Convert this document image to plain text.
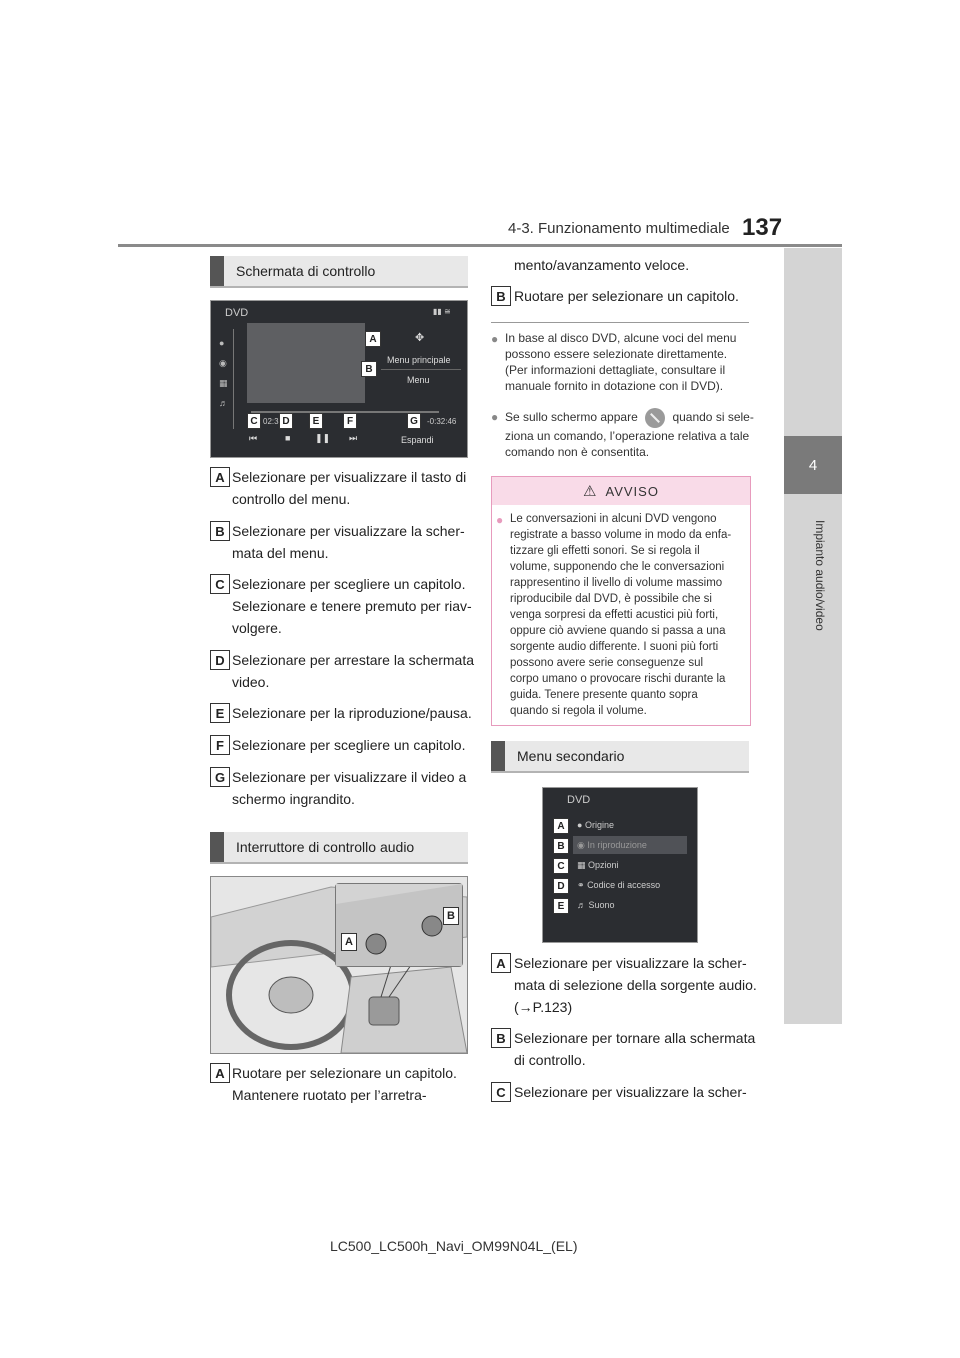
4-3. Funzionamento multimediale 137
4
Impianto audio/video
Schermata di controllo
DVD	▮▮ ≅
●
◉
▦
♬
✥
Menu principale
Menu
02:3	-0:32:46
⏮	■	❚❚ ⏭	Espandi
A
B
C	D	E	F	G
A Selezionare per visualizzare il tasto di
controllo del menu.
B Selezionare per visualizzare la scher-
mata del menu.
C Selezionare per scegliere un capitolo.
Selezionare e tenere premuto per riav-
volgere.
D Selezionare per arrestare la schermata
video.
E Selezionare per la riproduzione/pausa.
F Selezionare per scegliere un capitolo.
G Selezionare per visualizzare il video a
schermo ingrandito.
Interruttore di controllo audio
A
B
A Ruotare per selezionare un capitolo.
Mantenere ruotato per l’arretra-
mento/avanzamento veloce.
B Ruotare per selezionare un capitolo.
● In base al disco DVD, alcune voci del menu
possono essere selezionate direttamente.
(Per informazioni dettagliate, consultare il
manuale fornito in dotazione con il DVD).
● Se sullo schermo appare	quando si sele-
ziona un comando, l’operazione relativa a tale
comando non è consentita.
⚠ AVVISO
● Le conversazioni in alcuni DVD vengono
registrate a basso volume in modo da enfa-
tizzare gli effetti sonori. Se si regola il
volume, supponendo che le conversazioni
rappresentino il livello di volume massimo
riproducibile dal DVD, è possibile che si
venga sorpresi da effetti acustici più forti,
oppure ciò avviene quando si passa a una
sorgente audio differente. I suoni più forti
possono avere serie conseguenze sul
corpo umano o provocare rischi durante la
guida. Tenere presente quanto sopra
quando si regola il volume.
Menu secondario
DVD
A	● Origine
B	◉ In riproduzione
C	▦ Opzioni
D	⚭ Codice di accesso
E	♬ Suono
A Selezionare per visualizzare la scher-
mata di selezione della sorgente audio.
(→P.123)
B Selezionare per tornare alla schermata
di controllo.
C Selezionare per visualizzare la scher-
LC500_LC500h_Navi_OM99N04L_(EL)
